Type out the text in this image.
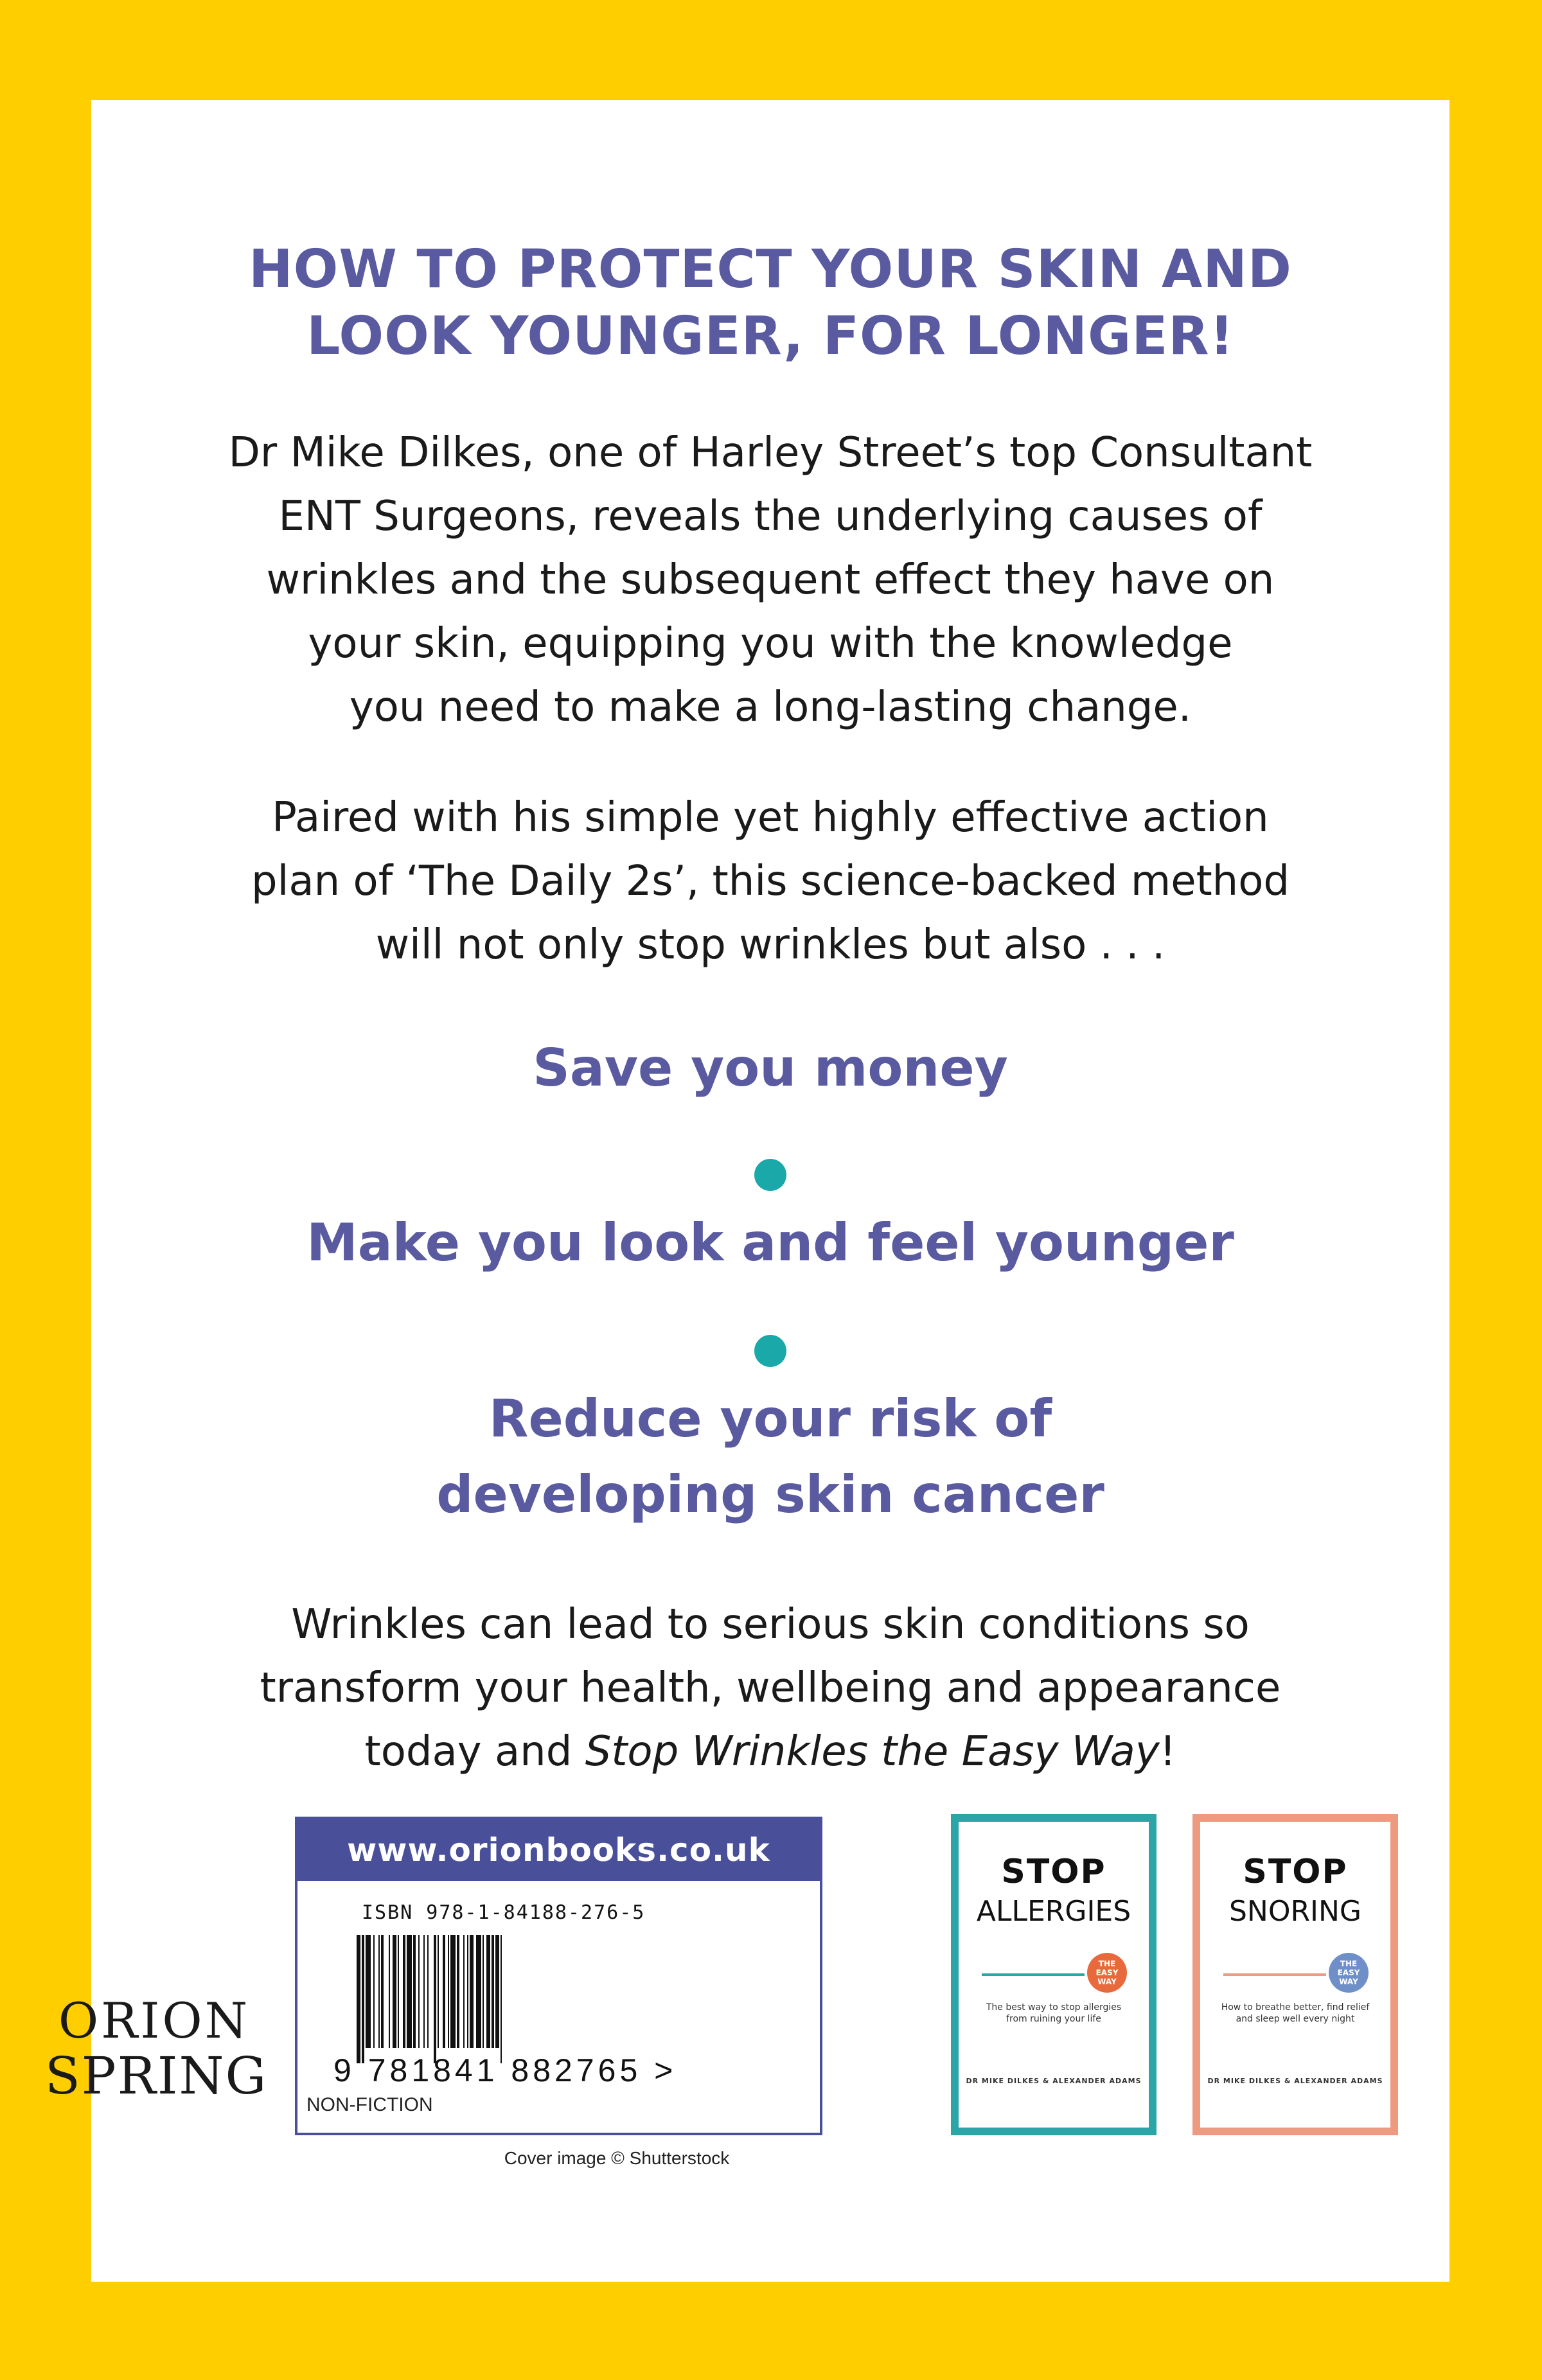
HOW TO PROTECT YOUR SKIN AND
LOOK YOUNGER, FOR LONGER!
Dr Mike Dilkes, one of Harley Street’s top Consultant
ENT Surgeons, reveals the underlying causes of
wrinkles and the subsequent effect they have on
your skin, equipping you with the knowledge
you need to make a long-lasting change.
Paired with his simple yet highly effective action
plan of ‘The Daily 2s’, this science-backed method
will not only stop wrinkles but also . . .
Save you money
Make you look and feel younger
Reduce your risk of
developing skin cancer
Wrinkles can lead to serious skin conditions so
transform your health, wellbeing and appearance
today and Stop Wrinkles the Easy Way!
ORION
SPRING
www.orionbooks.co.uk
ISBN 978-1-84188-276-5
9 781841 882765 >
NON-FICTION
Cover image © Shutterstock
STOP
ALLERGIES
THE EASY WAY
The best way to stop allergies from ruining your life
DR MIKE DILKES & ALEXANDER ADAMS
STOP
SNORING
THE EASY WAY
How to breathe better, find relief and sleep well every night
DR MIKE DILKES & ALEXANDER ADAMS
